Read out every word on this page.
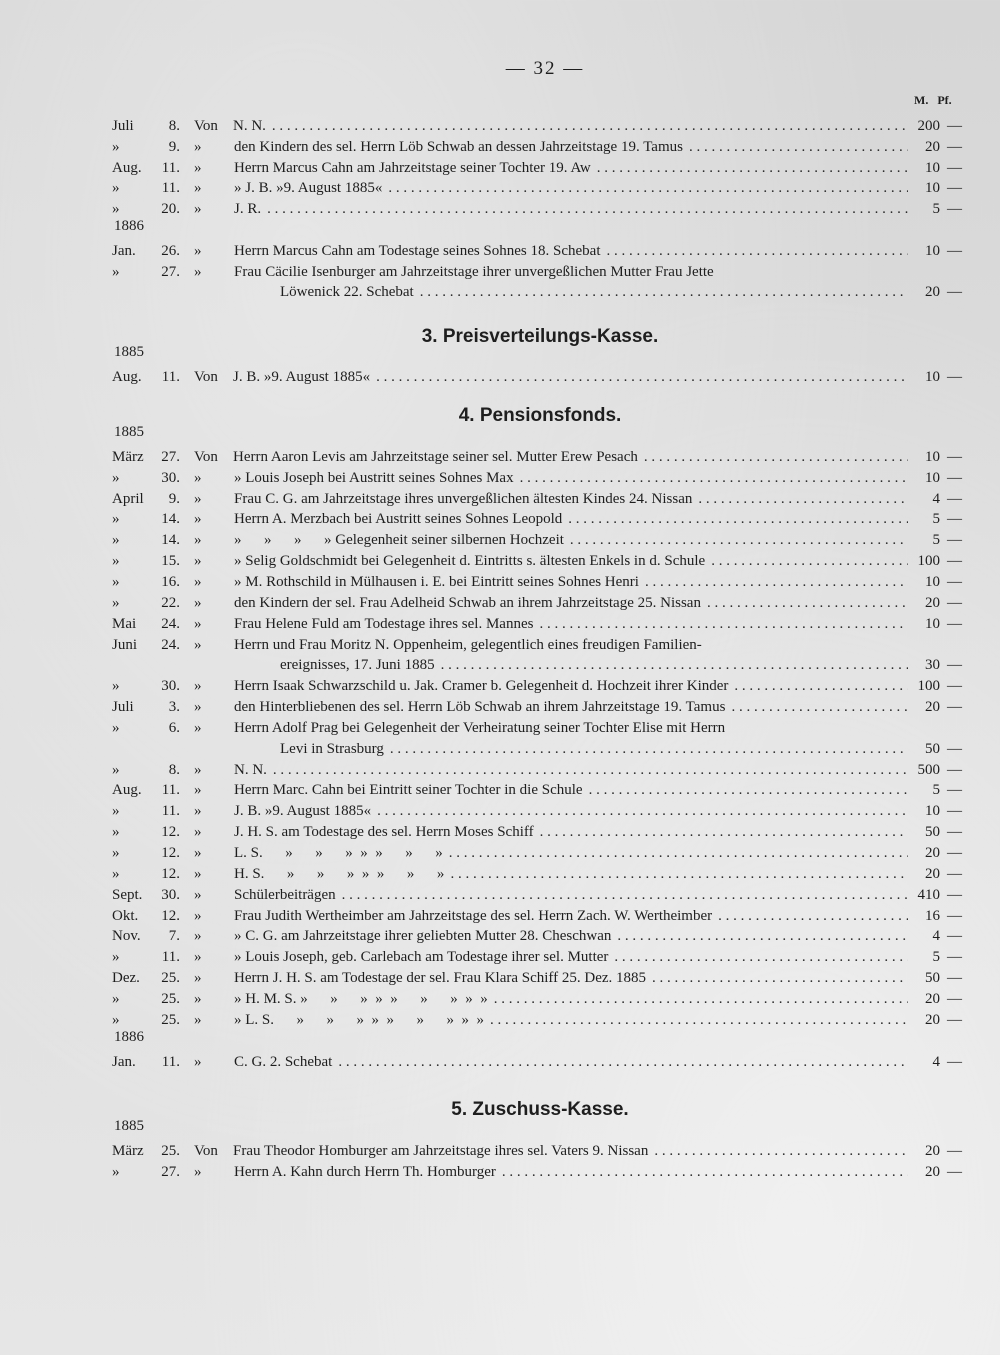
— 32 —
M. Pf.
Juli	8. Von N. N. . . .	200 —
»	9. » den Kindern des sel. Herrn Löb Schwab an dessen Jahrzeitstage 19. Tamus . . .	20 —
Aug.	11. » Herrn Marcus Cahn am Jahrzeitstage seiner Tochter 19. Aw . . .	10 —
»	11. » » J. B. »9. August 1885« . . .	10 —
»	20. » J. R. . . .	5 —
1886
Jan.	26. » Herrn Marcus Cahn am Todestage seines Sohnes 18. Schebat . . .	10 —
»	27. » Frau Cäcilie Isenburger am Jahrzeitstage ihrer unvergeßlichen Mutter Frau Jette
Löwenick 22. Schebat . . .	20 —
3. Preisverteilungs-Kasse.
1885
Aug.	11. Von J. B. »9. August 1885« . . .	10 —
4. Pensionsfonds.
1885
März	27. Von Herrn Aaron Levis am Jahrzeitstage seiner sel. Mutter Erew Pesach . . .	10 —
»	30. » » Louis Joseph bei Austritt seines Sohnes Max . . .	10 —
April	9. » Frau C. G. am Jahrzeitstage ihres unvergeßlichen ältesten Kindes 24. Nissan . . .	4 —
»	14. » Herrn A. Merzbach bei Austritt seines Sohnes Leopold . . .	5 —
»	14. » »      »      »      » Gelegenheit seiner silbernen Hochzeit . . .	5 —
»	15. » » Selig Goldschmidt bei Gelegenheit d. Eintritts s. ältesten Enkels in d. Schule . . .	100 —
»	16. » » M. Rothschild in Mülhausen i. E. bei Eintritt seines Sohnes Henri . . .	10 —
»	22. » den Kindern der sel. Frau Adelheid Schwab an ihrem Jahrzeitstage 25. Nissan . . .	20 —
Mai	24. » Frau Helene Fuld am Todestage ihres sel. Mannes . . .	10 —
Juni	24. » Herrn und Frau Moritz N. Oppenheim, gelegentlich eines freudigen Familien-
ereignisses, 17. Juni 1885 . . .	30 —
»	30. » Herrn Isaak Schwarzschild u. Jak. Cramer b. Gelegenheit d. Hochzeit ihrer Kinder . . .	100 —
Juli	3. » den Hinterbliebenen des sel. Herrn Löb Schwab an ihrem Jahrzeitstage 19. Tamus . . .	20 —
»	6. » Herrn Adolf Prag bei Gelegenheit der Verheiratung seiner Tochter Elise mit Herrn
Levi in Strasburg . . .	50 —
»	8. » N. N. . . .	500 —
Aug.	11. » Herrn Marc. Cahn bei Eintritt seiner Tochter in die Schule . . .	5 —
»	11. » J. B. »9. August 1885« . . .	10 —
»	12. » J. H. S. am Todestage des sel. Herrn Moses Schiff . . .	50 —
»	12. » L. S.      »      »      »  »  »      »      » . . .	20 —
»	12. » H. S.      »      »      »  »  »      »      » . . .	20 —
Sept.	30. » Schülerbeiträgen . . .	410 —
Okt.	12. » Frau Judith Wertheimber am Jahrzeitstage des sel. Herrn Zach. W. Wertheimber . . .	16 —
Nov.	7. » » C. G. am Jahrzeitstage ihrer geliebten Mutter 28. Cheschwan . . .	4 —
»	11. » » Louis Joseph, geb. Carlebach am Todestage ihrer sel. Mutter . . .	5 —
Dez.	25. » Herrn J. H. S. am Todestage der sel. Frau Klara Schiff 25. Dez. 1885 . . .	50 —
»	25. » » H. M. S. »      »      »  »  »      »      »  »  » . . .	20 —
»	25. » » L. S.      »      »      »  »  »      »      »  »  » . . .	20 —
1886
Jan.	11. » C. G. 2. Schebat . . .	4 —
5. Zuschuss-Kasse.
1885
März	25. Von Frau Theodor Homburger am Jahrzeitstage ihres sel. Vaters 9. Nissan . . .	20 —
»	27. » Herrn A. Kahn durch Herrn Th. Homburger . . .	20 —
